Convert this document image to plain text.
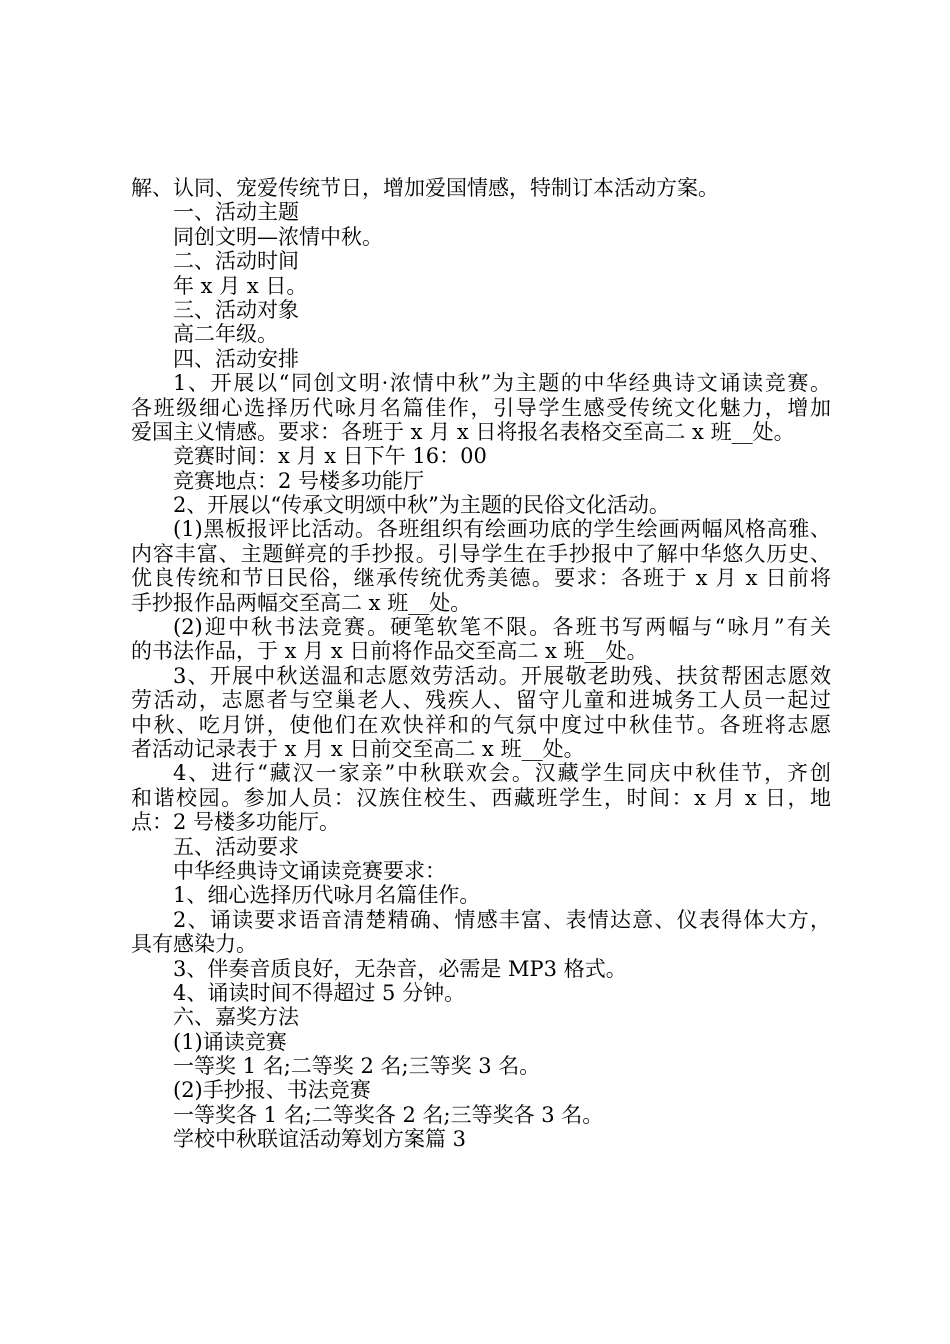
解、认同、宠爱传统节日，增加爱国情感，特制订本活动方案。
一、活动主题
同创文明—浓情中秋。
二、活动时间
年 x 月 x 日。
三、活动对象
高二年级。
四、活动安排
1、开展以“同创文明·浓情中秋”为主题的中华经典诗文诵读竞赛。
各班级细心选择历代咏月名篇佳作，引导学生感受传统文化魅力，增加
爱国主义情感。要求：各班于 x 月 x 日将报名表格交至高二 x 班__处。
竞赛时间：x 月 x 日下午 16：00
竞赛地点：2 号楼多功能厅
2、开展以“传承文明颂中秋”为主题的民俗文化活动。
(1)黑板报评比活动。各班组织有绘画功底的学生绘画两幅风格高雅、
内容丰富、主题鲜亮的手抄报。引导学生在手抄报中了解中华悠久历史、
优良传统和节日民俗，继承传统优秀美德。要求：各班于 x 月 x 日前将
手抄报作品两幅交至高二 x 班__处。
(2)迎中秋书法竞赛。硬笔软笔不限。各班书写两幅与“咏月”有关
的书法作品，于 x 月 x 日前将作品交至高二 x 班__处。
3、开展中秋送温和志愿效劳活动。开展敬老助残、扶贫帮困志愿效
劳活动，志愿者与空巢老人、残疾人、留守儿童和进城务工人员一起过
中秋、吃月饼，使他们在欢快祥和的气氛中度过中秋佳节。各班将志愿
者活动记录表于 x 月 x 日前交至高二 x 班__处。
4、进行“藏汉一家亲”中秋联欢会。汉藏学生同庆中秋佳节，齐创
和谐校园。参加人员：汉族住校生、西藏班学生，时间：x 月 x 日，地
点：2 号楼多功能厅。
五、活动要求
中华经典诗文诵读竞赛要求：
1、细心选择历代咏月名篇佳作。
2、诵读要求语音清楚精确、情感丰富、表情达意、仪表得体大方，
具有感染力。
3、伴奏音质良好，无杂音，必需是 MP3 格式。
4、诵读时间不得超过 5 分钟。
六、嘉奖方法
(1)诵读竞赛
一等奖 1 名;二等奖 2 名;三等奖 3 名。
(2)手抄报、书法竞赛
一等奖各 1 名;二等奖各 2 名;三等奖各 3 名。
学校中秋联谊活动筹划方案篇 3
